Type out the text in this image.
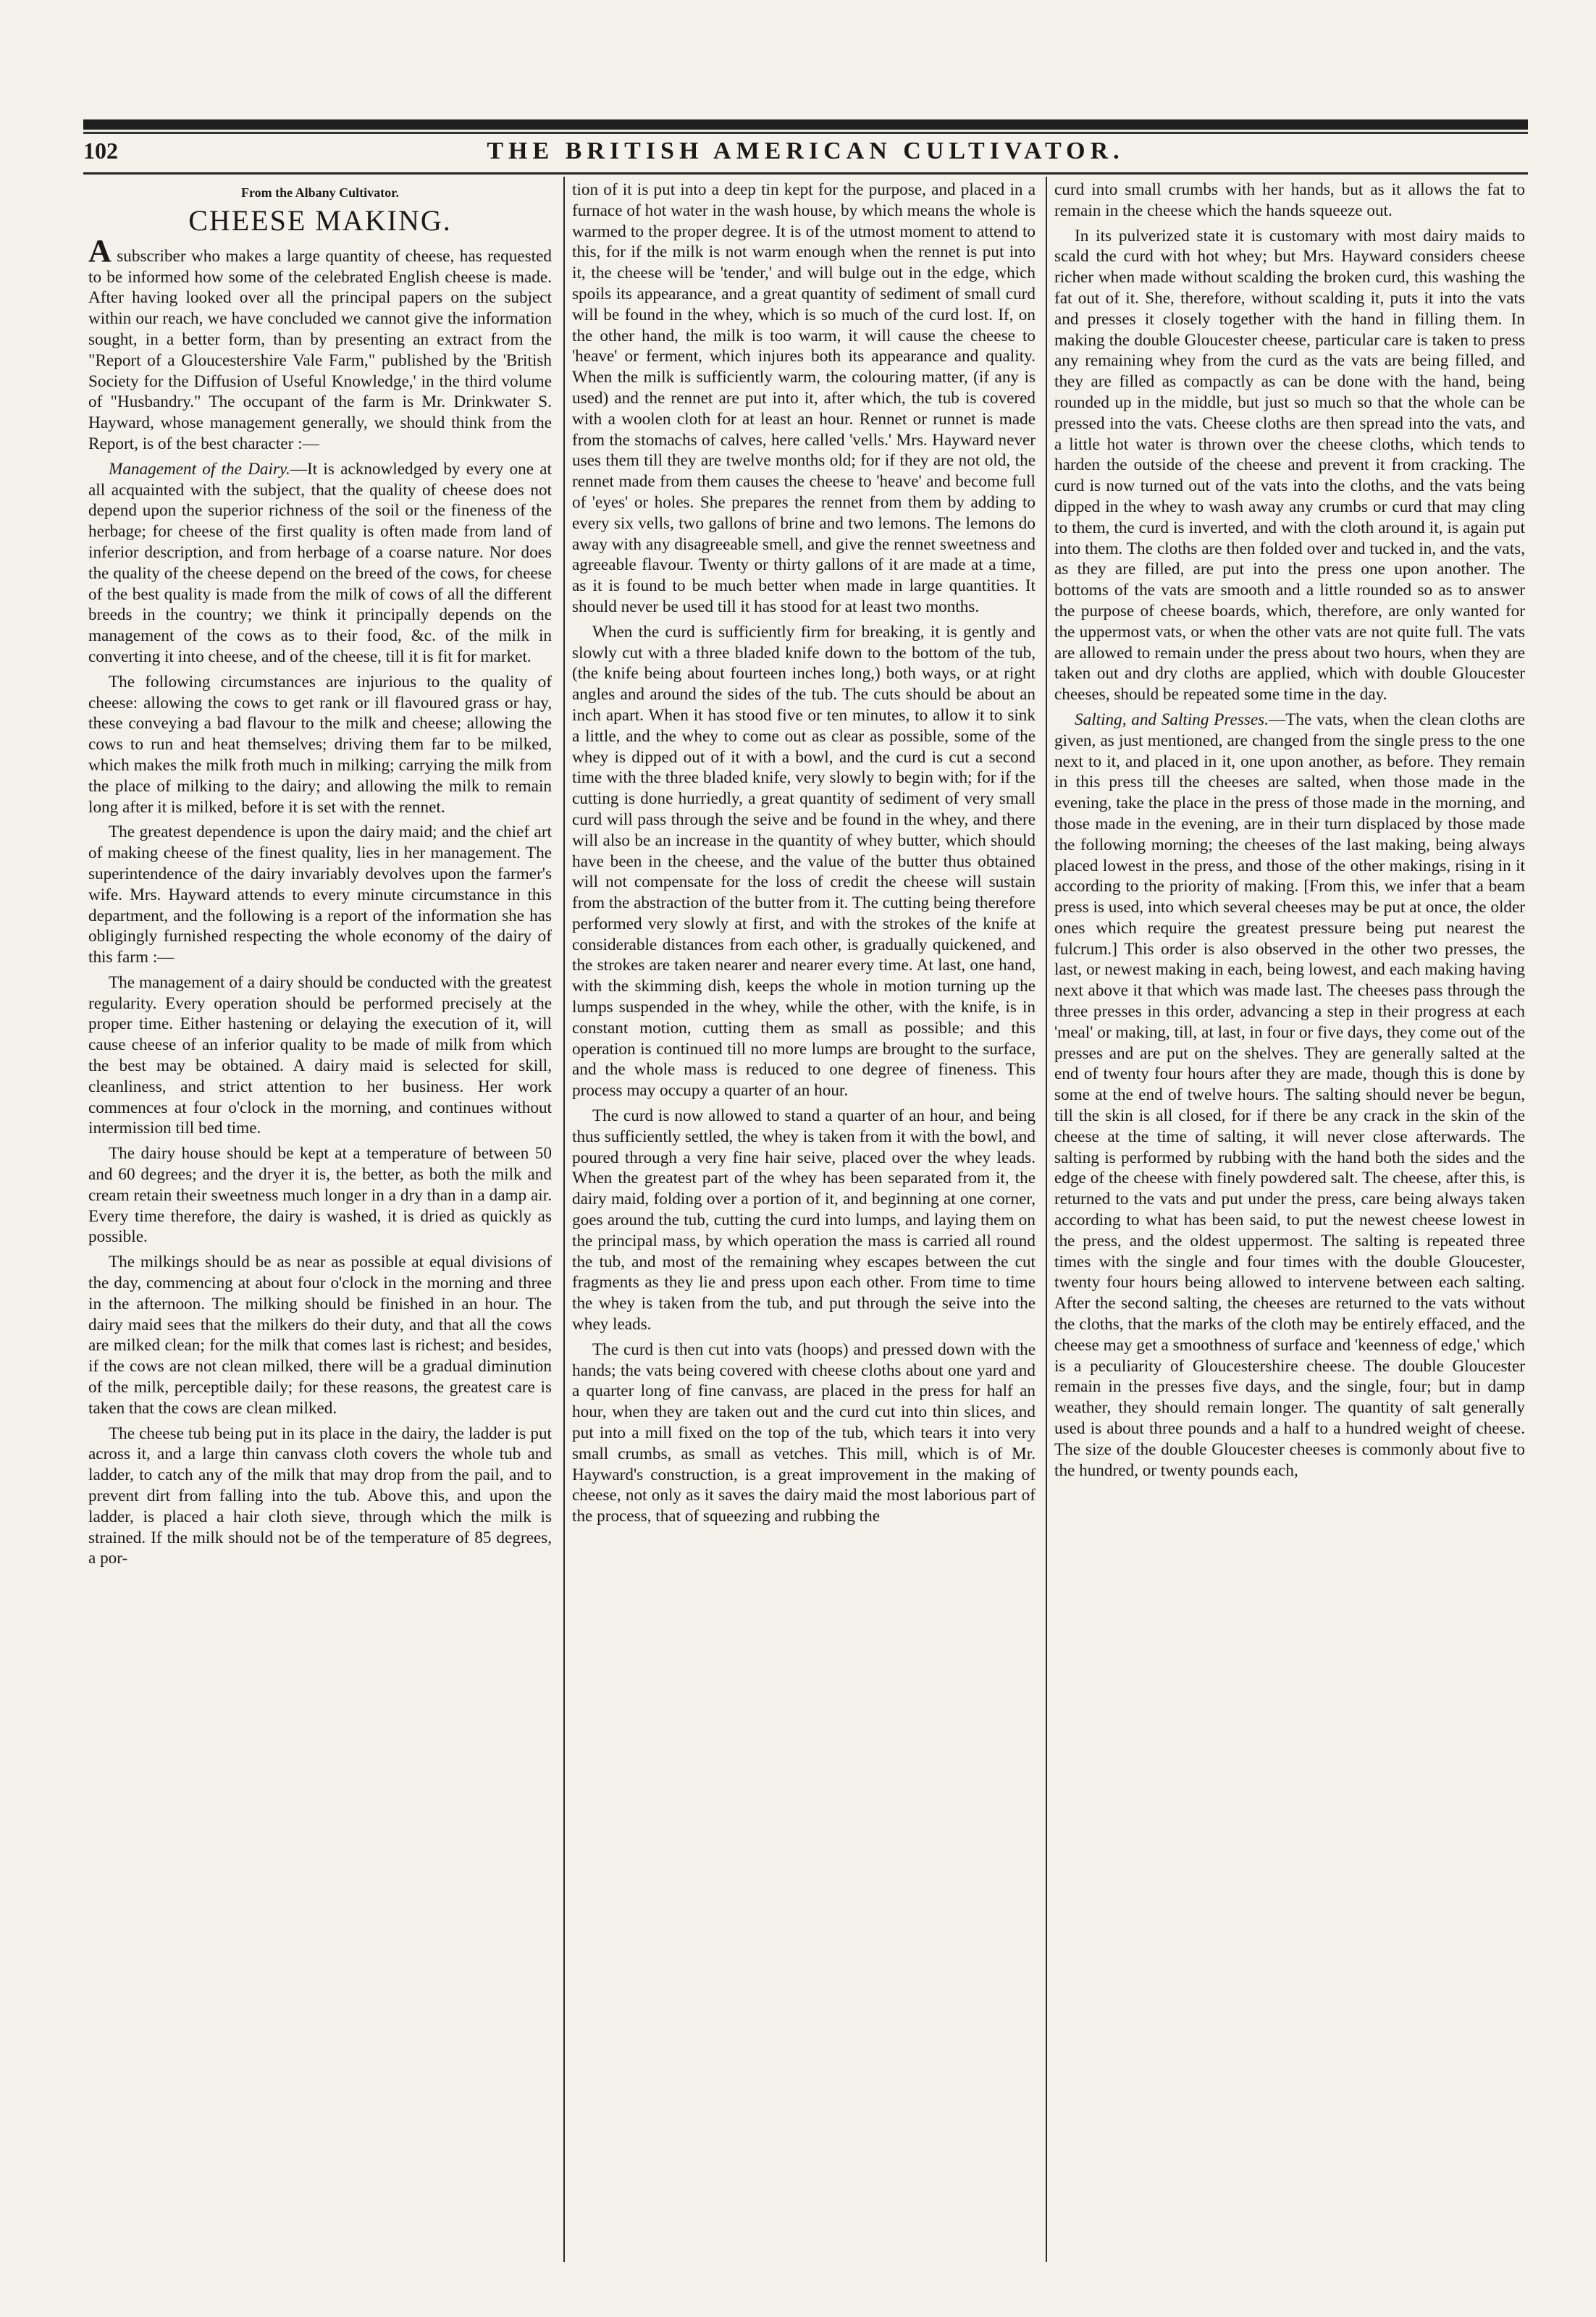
102	THE BRITISH AMERICAN CULTIVATOR.
From the Albany Cultivator.
CHEESE MAKING.

A subscriber who makes a large quantity of cheese, has requested to be informed how some of the celebrated English cheese is made. After having looked over all the principal papers on the subject within our reach, we have concluded we cannot give the information sought, in a better form, than by presenting an extract from the "Report of a Gloucestershire Vale Farm," published by the 'British Society for the Diffusion of Useful Knowledge,' in the third volume of "Husbandry." The occupant of the farm is Mr. Drinkwater S. Hayward, whose management generally, we should think from the Report, is of the best character :—

Management of the Dairy.—It is acknowledged by every one at all acquainted with the subject, that the quality of cheese does not depend upon the superior richness of the soil or the fineness of the herbage; for cheese of the first quality is often made from land of inferior description, and from herbage of a coarse nature. Nor does the quality of the cheese depend on the breed of the cows, for cheese of the best quality is made from the milk of cows of all the different breeds in the country; we think it principally depends on the management of the cows as to their food, &c. of the milk in converting it into cheese, and of the cheese, till it is fit for market.

The following circumstances are injurious to the quality of cheese: allowing the cows to get rank or ill flavoured grass or hay, these conveying a bad flavour to the milk and cheese; allowing the cows to run and heat themselves; driving them far to be milked, which makes the milk froth much in milking; carrying the milk from the place of milking to the dairy; and allowing the milk to remain long after it is milked, before it is set with the rennet.

The greatest dependence is upon the dairy maid; and the chief art of making cheese of the finest quality, lies in her management. The superintendence of the dairy invariably devolves upon the farmer's wife. Mrs. Hayward attends to every minute circumstance in this department, and the following is a report of the information she has obligingly furnished respecting the whole economy of the dairy of this farm :—

The management of a dairy should be conducted with the greatest regularity. Every operation should be performed precisely at the proper time. Either hastening or delaying the execution of it, will cause cheese of an inferior quality to be made of milk from which the best may be obtained. A dairy maid is selected for skill, cleanliness, and strict attention to her business. Her work commences at four o'clock in the morning, and continues without intermission till bed time.

The dairy house should be kept at a temperature of between 50 and 60 degrees; and the dryer it is, the better, as both the milk and cream retain their sweetness much longer in a dry than in a damp air. Every time therefore, the dairy is washed, it is dried as quickly as possible.

The milkings should be as near as possible at equal divisions of the day, commencing at about four o'clock in the morning and three in the afternoon. The milking should be finished in an hour. The dairy maid sees that the milkers do their duty, and that all the cows are milked clean; for the milk that comes last is richest; and besides, if the cows are not clean milked, there will be a gradual diminution of the milk, perceptible daily; for these reasons, the greatest care is taken that the cows are clean milked.

The cheese tub being put in its place in the dairy, the ladder is put across it, and a large thin canvass cloth covers the whole tub and ladder, to catch any of the milk that may drop from the pail, and to prevent dirt from falling into the tub. Above this, and upon the ladder, is placed a hair cloth sieve, through which the milk is strained. If the milk should not be of the temperature of 85 degrees, a por-

tion of it is put into a deep tin kept for the purpose, and placed in a furnace of hot water in the wash house, by which means the whole is warmed to the proper degree. It is of the utmost moment to attend to this, for if the milk is not warm enough when the rennet is put into it, the cheese will be 'tender,' and will bulge out in the edge, which spoils its appearance, and a great quantity of sediment of small curd will be found in the whey, which is so much of the curd lost. If, on the other hand, the milk is too warm, it will cause the cheese to 'heave' or ferment, which injures both its appearance and quality. When the milk is sufficiently warm, the colouring matter, (if any is used) and the rennet are put into it, after which, the tub is covered with a woolen cloth for at least an hour. Rennet or runnet is made from the stomachs of calves, here called 'vells.' Mrs. Hayward never uses them till they are twelve months old; for if they are not old, the rennet made from them causes the cheese to 'heave' and become full of 'eyes' or holes. She prepares the rennet from them by adding to every six vells, two gallons of brine and two lemons. The lemons do away with any disagreeable smell, and give the rennet sweetness and agreeable flavour. Twenty or thirty gallons of it are made at a time, as it is found to be much better when made in large quantities. It should never be used till it has stood for at least two months.

When the curd is sufficiently firm for breaking, it is gently and slowly cut with a three bladed knife down to the bottom of the tub, (the knife being about fourteen inches long,) both ways, or at right angles and around the sides of the tub. The cuts should be about an inch apart. When it has stood five or ten minutes, to allow it to sink a little, and the whey to come out as clear as possible, some of the whey is dipped out of it with a bowl, and the curd is cut a second time with the three bladed knife, very slowly to begin with; for if the cutting is done hurriedly, a great quantity of sediment of very small curd will pass through the seive and be found in the whey, and there will also be an increase in the quantity of whey butter, which should have been in the cheese, and the value of the butter thus obtained will not compensate for the loss of credit the cheese will sustain from the abstraction of the butter from it. The cutting being therefore performed very slowly at first, and with the strokes of the knife at considerable distances from each other, is gradually quickened, and the strokes are taken nearer and nearer every time. At last, one hand, with the skimming dish, keeps the whole in motion turning up the lumps suspended in the whey, while the other, with the knife, is in constant motion, cutting them as small as possible; and this operation is continued till no more lumps are brought to the surface, and the whole mass is reduced to one degree of fineness. This process may occupy a quarter of an hour.

The curd is now allowed to stand a quarter of an hour, and being thus sufficiently settled, the whey is taken from it with the bowl, and poured through a very fine hair seive, placed over the whey leads. When the greatest part of the whey has been separated from it, the dairy maid, folding over a portion of it, and beginning at one corner, goes around the tub, cutting the curd into lumps, and laying them on the principal mass, by which operation the mass is carried all round the tub, and most of the remaining whey escapes between the cut fragments as they lie and press upon each other. From time to time the whey is taken from the tub, and put through the seive into the whey leads.

The curd is then cut into vats (hoops) and pressed down with the hands; the vats being covered with cheese cloths about one yard and a quarter long of fine canvass, are placed in the press for half an hour, when they are taken out and the curd cut into thin slices, and put into a mill fixed on the top of the tub, which tears it into very small crumbs, as small as vetches. This mill, which is of Mr. Hayward's construction, is a great improvement in the making of cheese, not only as it saves the dairy maid the most laborious part of the process, that of squeezing and rubbing the

curd into small crumbs with her hands, but as it allows the fat to remain in the cheese which the hands squeeze out.

In its pulverized state it is customary with most dairy maids to scald the curd with hot whey; but Mrs. Hayward considers cheese richer when made without scalding the broken curd, this washing the fat out of it. She, therefore, without scalding it, puts it into the vats and presses it closely together with the hand in filling them. In making the double Gloucester cheese, particular care is taken to press any remaining whey from the curd as the vats are being filled, and they are filled as compactly as can be done with the hand, being rounded up in the middle, but just so much so that the whole can be pressed into the vats. Cheese cloths are then spread into the vats, and a little hot water is thrown over the cheese cloths, which tends to harden the outside of the cheese and prevent it from cracking. The curd is now turned out of the vats into the cloths, and the vats being dipped in the whey to wash away any crumbs or curd that may cling to them, the curd is inverted, and with the cloth around it, is again put into them. The cloths are then folded over and tucked in, and the vats, as they are filled, are put into the press one upon another. The bottoms of the vats are smooth and a little rounded so as to answer the purpose of cheese boards, which, therefore, are only wanted for the uppermost vats, or when the other vats are not quite full. The vats are allowed to remain under the press about two hours, when they are taken out and dry cloths are applied, which with double Gloucester cheeses, should be repeated some time in the day.

Salting, and Salting Presses.—The vats, when the clean cloths are given, as just mentioned, are changed from the single press to the one next to it, and placed in it, one upon another, as before. They remain in this press till the cheeses are salted, when those made in the evening, take the place in the press of those made in the morning, and those made in the evening, are in their turn displaced by those made the following morning; the cheeses of the last making, being always placed lowest in the press, and those of the other makings, rising in it according to the priority of making. [From this, we infer that a beam press is used, into which several cheeses may be put at once, the older ones which require the greatest pressure being put nearest the fulcrum.] This order is also observed in the other two presses, the last, or newest making in each, being lowest, and each making having next above it that which was made last. The cheeses pass through the three presses in this order, advancing a step in their progress at each 'meal' or making, till, at last, in four or five days, they come out of the presses and are put on the shelves. They are generally salted at the end of twenty four hours after they are made, though this is done by some at the end of twelve hours. The salting should never be begun, till the skin is all closed, for if there be any crack in the skin of the cheese at the time of salting, it will never close afterwards. The salting is performed by rubbing with the hand both the sides and the edge of the cheese with finely powdered salt. The cheese, after this, is returned to the vats and put under the press, care being always taken according to what has been said, to put the newest cheese lowest in the press, and the oldest uppermost. The salting is repeated three times with the single and four times with the double Gloucester, twenty four hours being allowed to intervene between each salting. After the second salting, the cheeses are returned to the vats without the cloths, that the marks of the cloth may be entirely effaced, and the cheese may get a smoothness of surface and 'keenness of edge,' which is a peculiarity of Gloucestershire cheese. The double Gloucester remain in the presses five days, and the single, four; but in damp weather, they should remain longer. The quantity of salt generally used is about three pounds and a half to a hundred weight of cheese. The size of the double Gloucester cheeses is commonly about five to the hundred, or twenty pounds each,
